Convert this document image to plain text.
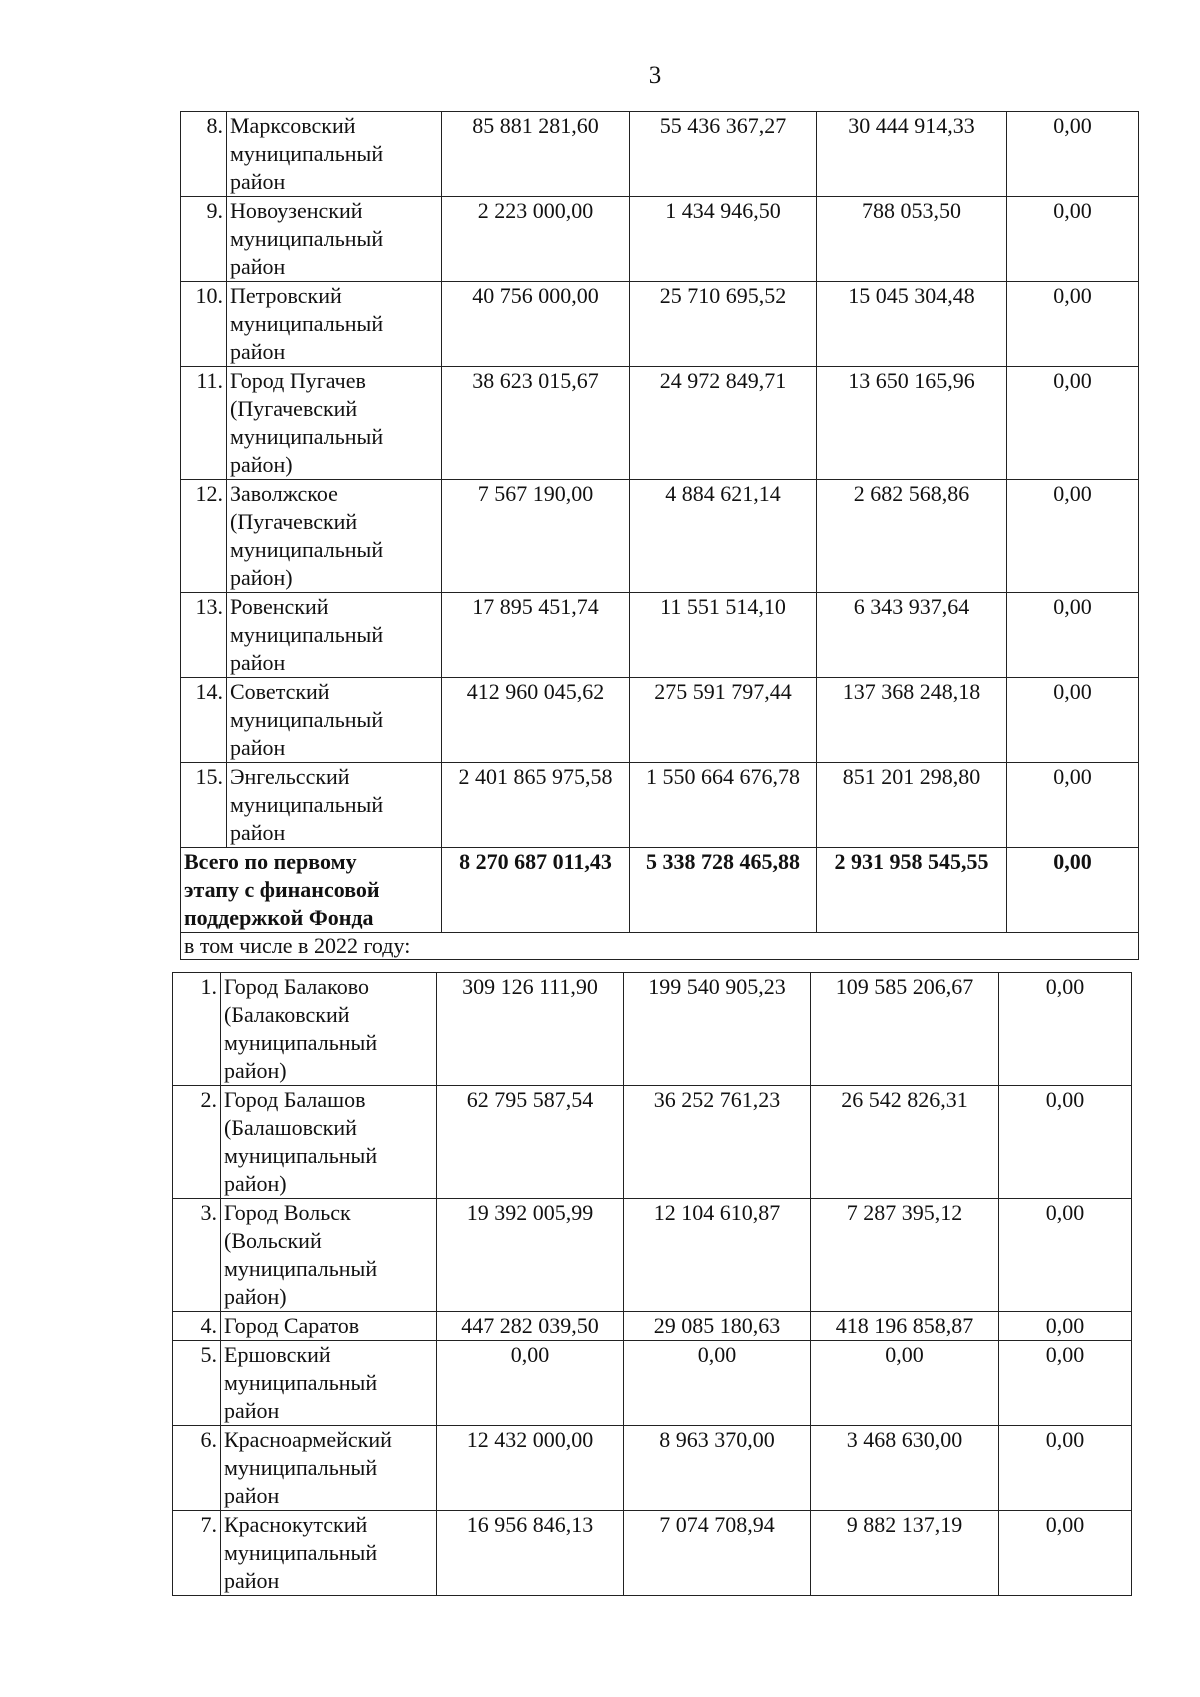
3
8.	Марксовский
муниципальный
район	85 881 281,60	55 436 367,27	30 444 914,33	0,00
9.	Новоузенский
муниципальный
район	2 223 000,00	1 434 946,50	788 053,50	0,00
10.	Петровский
муниципальный
район	40 756 000,00	25 710 695,52	15 045 304,48	0,00
11.	Город Пугачев
(Пугачевский
муниципальный
район)	38 623 015,67	24 972 849,71	13 650 165,96	0,00
12.	Заволжское
(Пугачевский
муниципальный
район)	7 567 190,00	4 884 621,14	2 682 568,86	0,00
13.	Ровенский
муниципальный
район	17 895 451,74	11 551 514,10	6 343 937,64	0,00
14.	Советский
муниципальный
район	412 960 045,62	275 591 797,44	137 368 248,18	0,00
15.	Энгельсский
муниципальный
район	2 401 865 975,58	1 550 664 676,78	851 201 298,80	0,00

Всего по первому
этапу с финансовой
поддержкой Фонда		8 270 687 011,43	5 338 728 465,88	2 931 958 545,55	0,00
в том числе в 2022 году:					
1.	Город Балаково
(Балаковский
муниципальный
район)	309 126 111,90	199 540 905,23	109 585 206,67	0,00
2.	Город Балашов
(Балашовский
муниципальный
район)	62 795 587,54	36 252 761,23	26 542 826,31	0,00
3.	Город Вольск
(Вольский
муниципальный
район)	19 392 005,99	12 104 610,87	7 287 395,12	0,00
4.	Город Саратов	447 282 039,50	29 085 180,63	418 196 858,87	0,00
5.	Ершовский
муниципальный
район	0,00	0,00	0,00	0,00
6.	Красноармейский
муниципальный
район	12 432 000,00	8 963 370,00	3 468 630,00	0,00
7.	Краснокутский
муниципальный
район	16 956 846,13	7 074 708,94	9 882 137,19	0,00
